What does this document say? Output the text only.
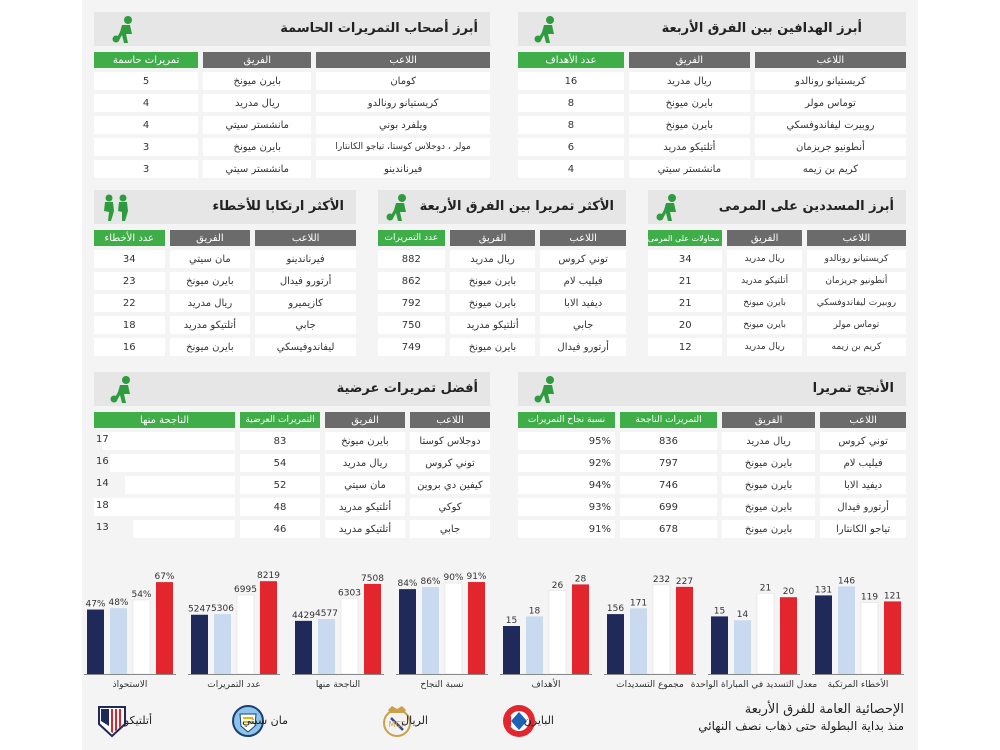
أبرز الهدافين بين الفرق الأربعة
اللاعب	الفريق	عدد الأهداف
كريستيانو رونالدو	ريال مدريد	16
توماس مولر	بايرن ميونخ	8
روبيرت ليفاندوفسكي	بايرن ميونخ	8
أنطونيو جريزمان	أتلتيكو مدريد	6
كريم بن زيمه	مانشستر سيتي	4
أبرز أصحاب التمريرات الحاسمة
اللاعب	الفريق	تمريرات حاسمة
كومان	بايرن ميونخ	5
كريستيانو رونالدو	ريال مدريد	4
ويلفرد بوني	مانشستر سيتي	4
مولر ، دوجلاس كوستا، تياجو الكانتارا	بايرن ميونخ	3
فيرناندينو	مانشستر سيتي	3
أبرز المسددين على المرمى
اللاعب	الفريق	محاولات على المرمى
كريستيانو رونالدو	ريال مدريد	34
أنطونيو جريزمان	أتلتيكو مدريد	21
روبيرت ليفاندوفسكي	بايرن ميونخ	21
توماس مولر	بايرن ميونخ	20
كريم بن زيمه	ريال مدريد	12
الأكثر تمريرا بين الفرق الأربعة
اللاعب	الفريق	عدد التمريرات
توني كروس	ريال مدريد	882
فيليب لام	بايرن ميونخ	862
ديفيد الابا	بايرن ميونخ	792
جابي	أتلتيكو مدريد	750
أرتورو فيدال	بايرن ميونخ	749
الأكثر ارتكابا للأخطاء
اللاعب	الفريق	عدد الأخطاء
فيرناندينو	مان سيتي	34
أرتورو فيدال	بايرن ميونخ	23
كازيميرو	ريال مدريد	22
جابي	أتلتيكو مدريد	18
ليفاندوفيسكي	بايرن ميونخ	16
الأنجح تمريرا
اللاعب	الفريق	التمريرات الناجحة	نسبة نجاح التمريرات
توني كروس	ريال مدريد	836	95%
فيليب لام	بايرن ميونخ	797	92%
ديفيد الابا	بايرن ميونخ	746	94%
أرتورو فيدال	بايرن ميونخ	699	93%
تياجو الكانتارا	بايرن ميونخ	678	91%
أفضل تمريرات عرضية
اللاعب	الفريق	التمريرات العرضية	الناجحة منها
دوجلاس كوستا	بايرن ميونخ	83	17

توني كروس	ريال مدريد	54	16

كيفين دي بروين	مان سيتي	52	14

كوكي	أتلتيكو مدريد	48	18

جابي	أتلتيكو مدريد	46	13
131
146
119 121
الأخطاء المرتكبة
15 14
21 20
معدل التسديد في المباراة الواحدة
156
171
232 227
مجموع التسديدات
15
18
26
28
الأهداف
84% 86% 90% 91%
نسبة النجاح
4429 4577
6303
7508
الناجحة منها
5247 5306
6995
8219
عدد التمريرات
47% 48%
54%
67%
الاستحواذ
الإحصائية العامة للفرق الأربعة
منذ بداية البطولة حتى ذهاب نصف النهائي
البايرن
MCF
الريال
مان سيتي
أتلتيكو
